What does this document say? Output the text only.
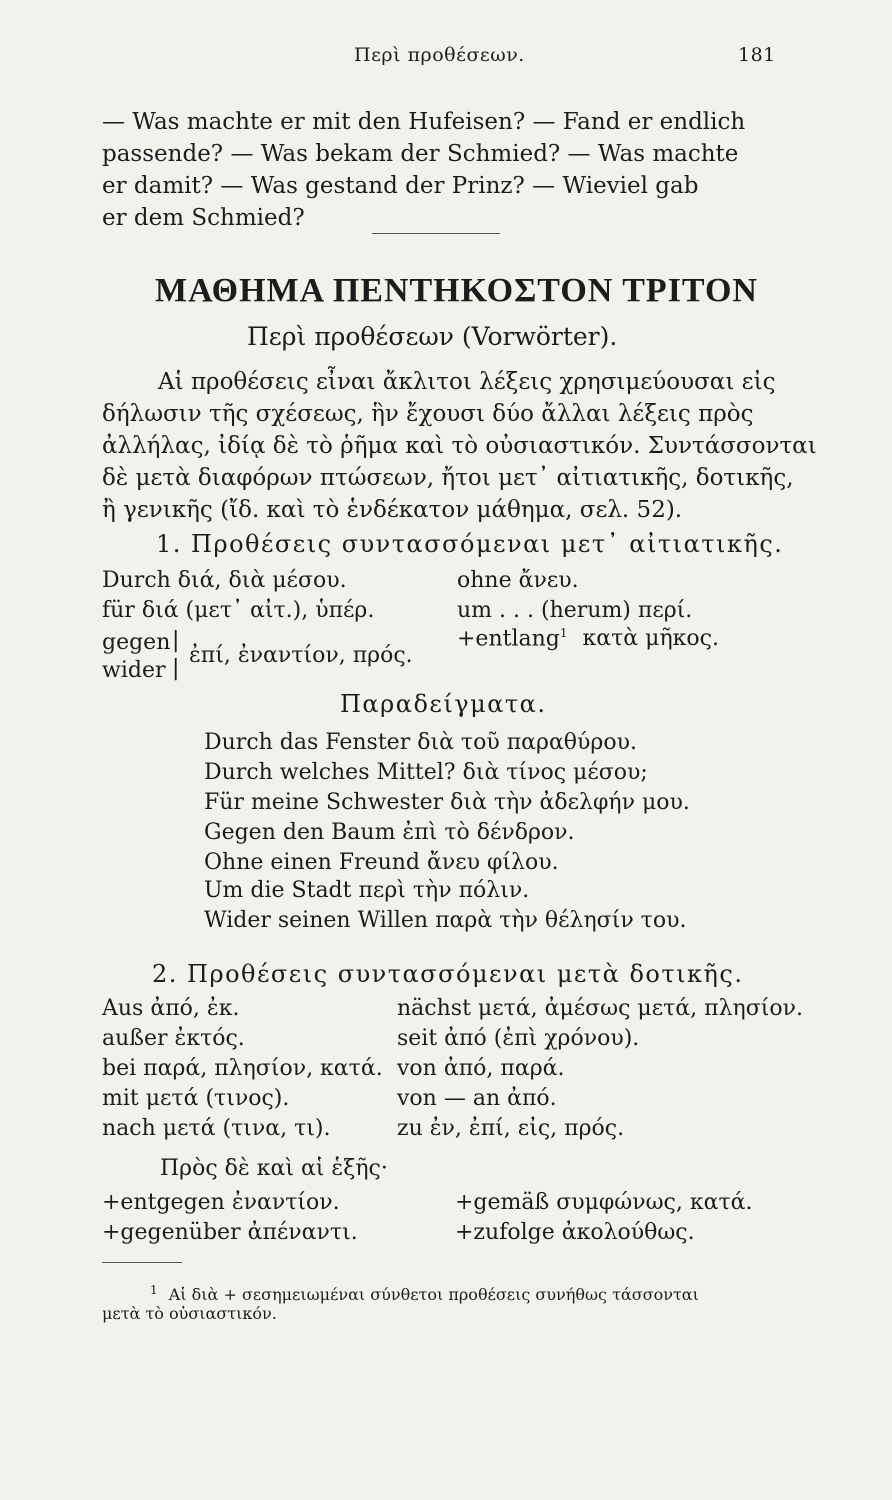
Περὶ προθέσεων.	181
— Was machte er mit den Hufeisen? — Fand er endlich
passende? — Was bekam der Schmied? — Was machte
er damit? — Was gestand der Prinz? — Wieviel gab
er dem Schmied?
ΜΑΘΗΜΑ ΠΕΝΤΗΚΟΣΤΟΝ ΤΡΙΤΟΝ
Περὶ προθέσεων (Vorwörter).
Αἱ προθέσεις εἶναι ἄκλιτοι λέξεις χρησιμεύουσαι εἰς
δήλωσιν τῆς σχέσεως, ἣν ἔχουσι δύο ἄλλαι λέξεις πρὸς
ἀλλήλας, ἰδίᾳ δὲ τὸ ῥῆμα καὶ τὸ οὐσιαστικόν. Συντάσσονται
δὲ μετὰ διαφόρων πτώσεων, ἤτοι μετ᾽ αἰτιατικῆς, δοτικῆς,
ἢ γενικῆς (ἴδ. καὶ τὸ ἑνδέκατον μάθημα, σελ. 52).
1. Προθέσεις συντασσόμεναι μετ᾽ αἰτιατικῆς.
Durch διά, διὰ μέσου.
für διά (μετ᾽ αἰτ.), ὑπέρ.
ohne ἄνευ.
um . . . (herum) περί.
gegen
wider
|
|
ἐπί, ἐναντίον, πρός.
+entlang$^1$ κατὰ μῆκος.
Παραδείγματα.
Durch das Fenster διὰ τοῦ παραθύρου.
Durch welches Mittel? διὰ τίνος μέσου;
Für meine Schwester διὰ τὴν ἀδελφήν μου.
Gegen den Baum ἐπὶ τὸ δένδρον.
Ohne einen Freund ἄνευ φίλου.
Um die Stadt περὶ τὴν πόλιν.
Wider seinen Willen παρὰ τὴν θέλησίν του.
2. Προθέσεις συντασσόμεναι μετὰ δοτικῆς.
Aus ἀπό, ἐκ.
außer ἐκτός.
bei παρά, πλησίον, κατά.
mit μετά (τινος).
nach μετά (τινα, τι).
nächst μετά, ἀμέσως μετά, πλησίον.
seit ἀπό (ἐπὶ χρόνου).
von ἀπό, παρά.
von — an ἀπό.
zu ἐν, ἐπί, εἰς, πρός.
Πρὸς δὲ καὶ αἱ ἑξῆς·
+entgegen ἐναντίον.
+gegenüber ἀπέναντι.
+gemäß συμφώνως, κατά.
+zufolge ἀκολούθως.
$^1$ Αἱ διὰ + σεσημειωμέναι σύνθετοι προθέσεις συνήθως τάσσονται
μετὰ τὸ οὐσιαστικόν.
